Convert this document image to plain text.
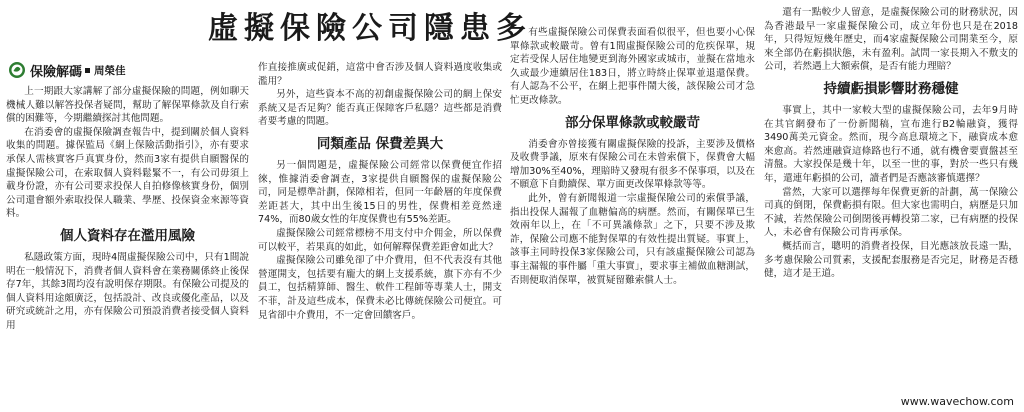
虛擬保險公司隱患多
保險解碼 周榮佳

上一期跟大家講解了部分虛擬保險的問題，例如聊天機械人難以解答投保者疑問，幫助了解保單條款及自行索償的困難等，今期繼續探討其他問題。

在消委會的虛擬保險調查報告中，提到關於個人資料收集的問題。據保監局《網上保險活動指引》，亦有要求承保人需核實客戶真實身份，然而3家有提供自願醫保的虛擬保險公司，在索取個人資料鬆緊不一，有公司毋須上載身份證，亦有公司要求投保人自拍修像核實身份，個別公司還會額外索取投保人職業、學歷、投保資金來源等資料。

個人資料存在濫用風險

私隱政策方面，現時4間虛擬保險公司中，只有1間說明在一般情況下，消費者個人資料會在業務關係終止後保存7年，其餘3間均沒有說明保存期限。有保險公司提及的個人資料用途頗廣泛，包括設計、改良或優化產品，以及研究或統計之用，亦有保險公司預設消費者接受個人資料用

作直接推廣或促銷，這當中會否涉及個人資料過度收集或濫用？

另外，這些資本不高的初創虛擬保險公司的網上保安系統又是否足夠？能否真正保障客戶私隱？這些都是消費者要考慮的問題。

同類產品 保費差異大

另一個問題是，虛擬保險公司經常以保費便宜作招徠，惟據消委會調查，3家提供自願醫保的虛擬保險公司，同是標準計劃，保障相若，但同一年齡層的年度保費差距甚大，其中出生後15日的男性，保費相差竟然達74%，而80歲女性的年度保費也有55%差距。

虛擬保險公司經常標榜不用支付中介佣金，所以保費可以較平，若果真的如此，如何解釋保費差距會如此大？

虛擬保險公司雖免卻了中介費用，但不代表沒有其他營運開支，包括要有龐大的網上支援系統，旗下亦有不少員工，包括精算師、醫生、軟件工程師等專業人士，開支不菲，計及這些成本，保費未必比傳統保險公司便宜。可見省卻中介費用，不一定會回饋客戶。

有些虛擬保險公司保費表面看似很平，但也要小心保單條款或較嚴苛。曾有1間虛擬保險公司的危疾保單，規定若受保人居住地變更到海外國家或城市，並擬在當地永久或最少連續居住183日，將立時終止保單並退還保費。有人認為不公平，在網上把事件鬧大後，該保險公司才急忙更改條款。

部分保單條款或較嚴苛

消委會亦曾接獲有關虛擬保險的投訴，主要涉及價格及收費爭議，原來有保險公司在未曾索償下，保費會大幅增加30%至40%，理賠時又發現有很多不保事項，以及在不願意下自動續保、單方面更改保單條款等等。

此外，曾有新聞報道一宗虛擬保險公司的索償爭議，指出投保人漏報了血糖偏高的病歷。然而，有關保單已生效兩年以上，在「不可異議條款」之下，只要不涉及欺詐，保險公司應不能對保單的有效性提出質疑。事實上，該事主同時投保3家保險公司，只有該虛擬保險公司認為事主漏報的事件屬「重大事實」，要求事主補做血糖測試，否則便取消保單，被質疑留難索償人士。

還有一點較少人留意，是虛擬保險公司的財務狀況，因為香港最早一家虛擬保險公司，成立年份也只是在2018年，只得短短幾年歷史，而4家虛擬保險公司開業至今，原來全部仍在虧損狀態，未有盈利。試問一家長期入不敷支的公司，若然遇上大額索償，是否有能力理賠？

持續虧損影響財務穩健

事實上，其中一家較大型的虛擬保險公司，去年9月時在其官網發布了一份新聞稿，宣布進行B2輪融資，獲得3490萬美元資金。然而，現今高息環境之下，融資成本愈來愈高。若然連融資這條路也行不通，就有機會要賣盤甚至清盤。大家投保是幾十年，以至一世的事，對於一些只有幾年，還連年虧損的公司，讀者們是否應該審慎選擇？

當然，大家可以選擇每年保費更新的計劃，萬一保險公司真的倒閉，保費虧損有限。但大家也需明白，病歷是只加不減，若然保險公司倒閉後再轉投第二家，已有病歷的投保人，未必會有保險公司肯再承保。

概括而言，聰明的消費者投保，目光應該放長遠一點，多考慮保險公司質素，支援配套服務是否完足，財務是否穩健，這才是王道。

www.wavechow.com
